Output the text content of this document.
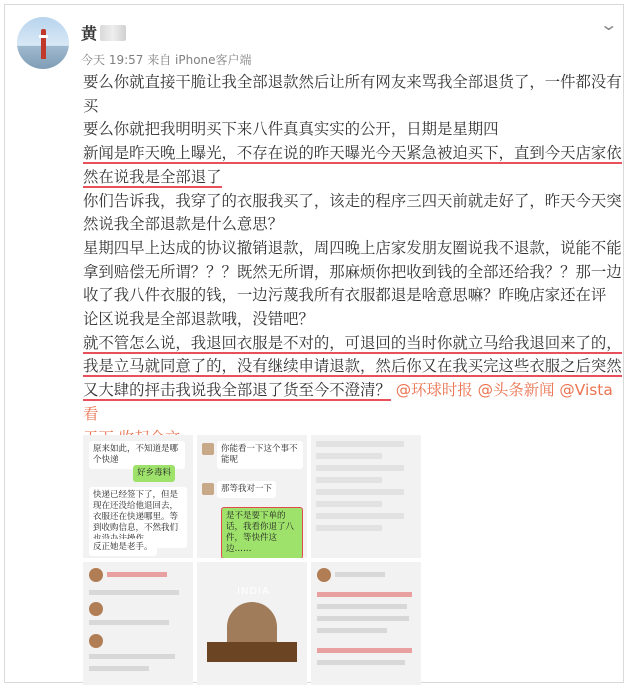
黄
今天 19:57 来自 iPhone客户端
⌄

要么你就直接干脆让我全部退款然后让所有网友来骂我全部退货了，一件都没有

买

要么你就把我明明买下来八件真真实实的公开，日期是星期四

新闻是昨天晚上曝光，不存在说的昨天曝光今天紧急被迫买下，直到今天店家依

然在说我是全部退了

你们告诉我，我穿了的衣服我买了，该走的程序三四天前就走好了，昨天今天突

然说我全部退款是什么意思？

星期四早上达成的协议撤销退款，周四晚上店家发朋友圈说我不退款，说能不能

拿到赔偿无所谓？？？既然无所谓，那麻烦你把收到钱的全部还给我？？那一边

收了我八件衣服的钱，一边污蔑我所有衣服都退是啥意思嘛？昨晚店家还在评

论区说我是全部退款哦，没错吧？

就不管怎么说，我退回衣服是不对的，可退回的当时你就立马给我退回来了的，

我是立马就同意了的，没有继续申请退款，然后你又在我买完这些衣服之后突然

又大肆的抨击我说我全部退了货至今不澄清？ @环球时报 @头条新闻 @Vista看

原来如此，不知道是哪个快递
好乡毒料
快递已经签下了，但是现在还没给他退回去，衣服还在快递哪里。等到收购信息，不然我们
反正她是老手。
你能看一下这个事不能呢
那等我对一下
是不是要下单的话，我看你退了八件，等快件这边……
INDIA
